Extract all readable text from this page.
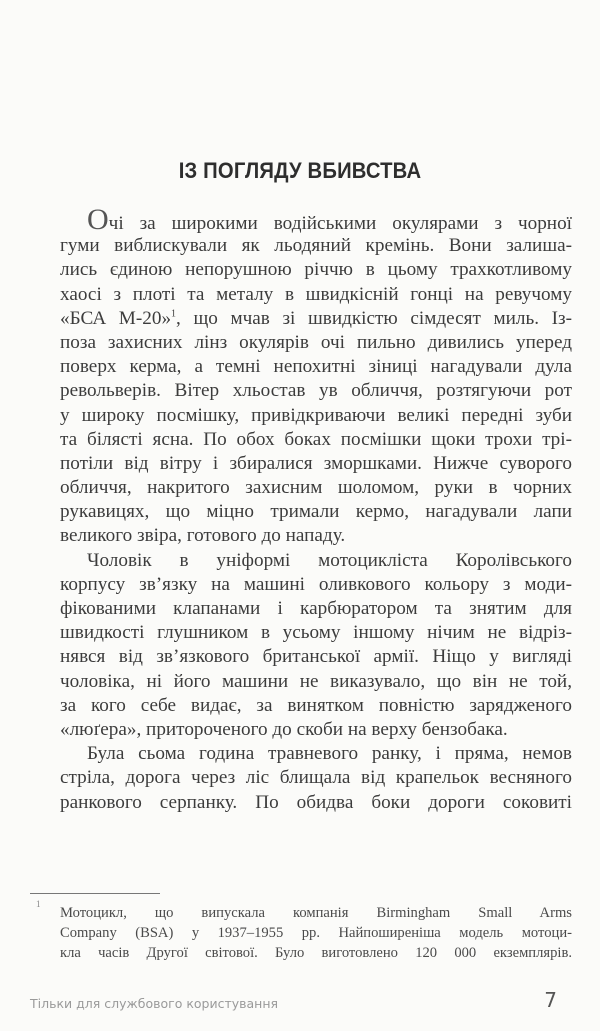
ІЗ ПОГЛЯДУ ВБИВСТВА
Очі за широкими водійськими окулярами з чорної
гуми виблискували як льодяний кремінь. Вони залиша-
лись єдиною непорушною річчю в цьому трахкотливому
хаосі з плоті та металу в швидкісній гонці на ревучому
«БСА М-20»$^1$, що мчав зі швидкістю сімдесят миль. Із-
поза захисних лінз окулярів очі пильно дивились уперед
поверх керма, а темні непохитні зіниці нагадували дула
револьверів. Вітер хльостав ув обличчя, розтягуючи рот
у широку посмішку, привідкриваючи великі передні зуби
та білясті ясна. По обох боках посмішки щоки трохи трі-
потіли від вітру і збиралися зморшками. Нижче суворого
обличчя, накритого захисним шоломом, руки в чорних
рукавицях, що міцно тримали кермо, нагадували лапи
великого звіра, готового до нападу.
Чоловік в уніформі мотоцикліста Королівського
корпусу зв’язку на машині оливкового кольору з моди-
фікованими клапанами і карбюратором та знятим для
швидкості глушником в усьому іншому нічим не відріз-
нявся від зв’язкового британської армії. Ніщо у вигляді
чоловіка, ні його машини не виказувало, що він не той,
за кого себе видає, за винятком повністю зарядженого
«люґера», притороченого до скоби на верху бензобака.
Була сьома година травневого ранку, і пряма, немов
стріла, дорога через ліс блищала від крапельок весняного
ранкового серпанку. По обидва боки дороги соковиті
1
Мотоцикл, що випускала компанія Birmingham Small Arms
Company (BSA) у 1937–1955 рр. Найпоширеніша модель мотоци-
кла часів Другої світової. Було виготовлено 120 000 екземплярів.
Тільки для службового користування	7
